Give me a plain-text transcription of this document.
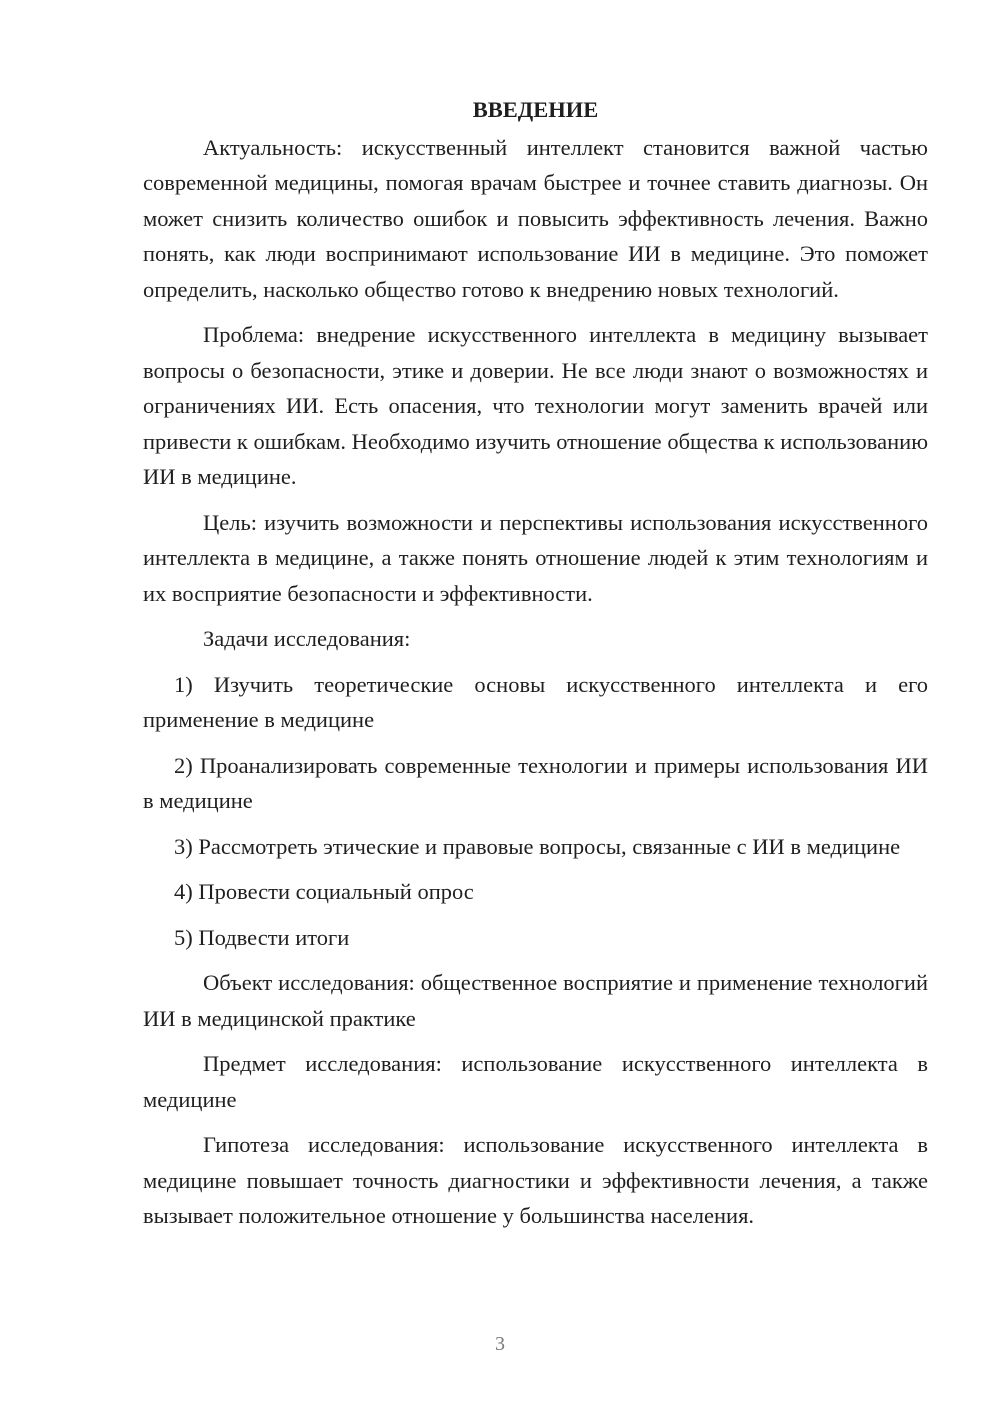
ВВЕДЕНИЕ

Актуальность: искусственный интеллект становится важной частью современной медицины, помогая врачам быстрее и точнее ставить диагнозы. Он может снизить количество ошибок и повысить эффективность лечения. Важно понять, как люди воспринимают использование ИИ в медицине. Это поможет определить, насколько общество готово к внедрению новых технологий.

Проблема: внедрение искусственного интеллекта в медицину вызывает вопросы о безопасности, этике и доверии. Не все люди знают о возможностях и ограничениях ИИ. Есть опасения, что технологии могут заменить врачей или привести к ошибкам. Необходимо изучить отношение общества к использованию ИИ в медицине.

Цель: изучить возможности и перспективы использования искусственного интеллекта в медицине, а также понять отношение людей к этим технологиям и их восприятие безопасности и эффективности.

Задачи исследования:

1) Изучить теоретические основы искусственного интеллекта и его применение в медицине

2) Проанализировать современные технологии и примеры использования ИИ в медицине

3) Рассмотреть этические и правовые вопросы, связанные с ИИ в медицине

4) Провести социальный опрос

5) Подвести итоги

Объект исследования: общественное восприятие и применение технологий ИИ в медицинской практике

Предмет исследования: использование искусственного интеллекта в медицине

Гипотеза исследования: использование искусственного интеллекта в медицине повышает точность диагностики и эффективности лечения, а также вызывает положительное отношение у большинства населения.

3
